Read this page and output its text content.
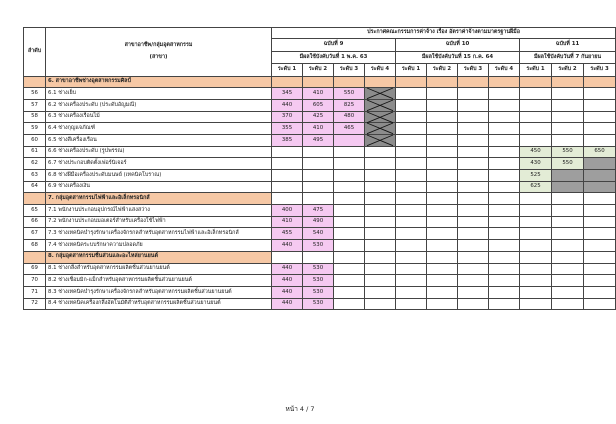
ลำดับ	สาขาอาชีพ/กลุ่มอุตสาหกรรม
(สาขา)	ประกาศคณะกรรมการค่าจ้าง เรื่อง อัตราค่าจ้างตามมาตรฐานฝีมือ										
		ฉบับที่ 9				ฉบับที่ 10				ฉบับที่ 11		
		มีผลใช้บังคับวันที่ 1 พ.ค. 63				มีผลใช้บังคับวันที่ 15 ก.ค. 64				มีผลใช้บังคับวันที่ 7 กันยายน		
		ระดับ 1	ระดับ 2	ระดับ 3	ระดับ 4	ระดับ 1	ระดับ 2	ระดับ 3	ระดับ 4	ระดับ 1	ระดับ 2	ระดับ 3
	6. สาขาอาชีพช่างอุตสาหกรรมศิลป์											
56	6.1 ช่างเย็บ	345	410	550	

57	6.2 ช่างเครื่องประดับ (ประดับอัญมณี)	440	605	825	

58	6.3 ช่างเครื่องเรือนไม้	370	425	480	

59	6.4 ช่างกุญแจภัณฑ์	355	410	465	

60	6.5 ช่างสีเครื่องเรือน	385	495		

61	6.6 ช่างเครื่องประดับ (รูปพรรณ)									450	550	650
62	6.7 ช่างประกอบติดตั้งเฟอร์นิเจอร์									430	550	
63	6.8 ช่างฝีมือเครื่องประดับมนษย์ (เทคนิคโบราณ)									525		
64	6.9 ช่างเครื่องเงิน									625		
	7. กลุ่มอุตสาหกรรมไฟฟ้าและอิเล็กทรอนิกส์											
65	7.1 พนักงานประกอบอุปกรณ์ไฟฟ้าแสงสว่าง	400	475									
66	7.2 พนักงานประกอบมอเตอร์สำหรับเครื่องใช้ไฟฟ้า	410	490									
67	7.3 ช่างเทคนิคบำรุงรักษาเครื่องจักรกลสำหรับอุตสาหกรรมไฟฟ้าและอิเล็กทรอนิกส์	455	540									
68	7.4 ช่างเทคนิคระบบรักษาความปลอดภัย	440	530									
	8. กลุ่มอุตสาหกรรมชิ้นส่วนและอะไหล่ยานยนต์											
69	8.1 ช่างกลึงสำหรับอุตสาหกรรมผลิตชิ้นส่วนยานยนต์	440	530									
70	8.2 ช่างเชื่อมมิก-แม็กสำหรับอุตสาหกรรมผลิตชิ้นส่วนยานยนต์	440	530									
71	8.3 ช่างเทคนิคบำรุงรักษาเครื่องจักรกลสำหรับอุตสาหกรรมผลิตชิ้นส่วนยานยนต์	440	530									
72	8.4 ช่างเทคนิคเครื่องกลึงอัตโนมัติสำหรับอุตสาหกรรมผลิตชิ้นส่วนยานยนต์	440	530									
หน้า 4 / 7
